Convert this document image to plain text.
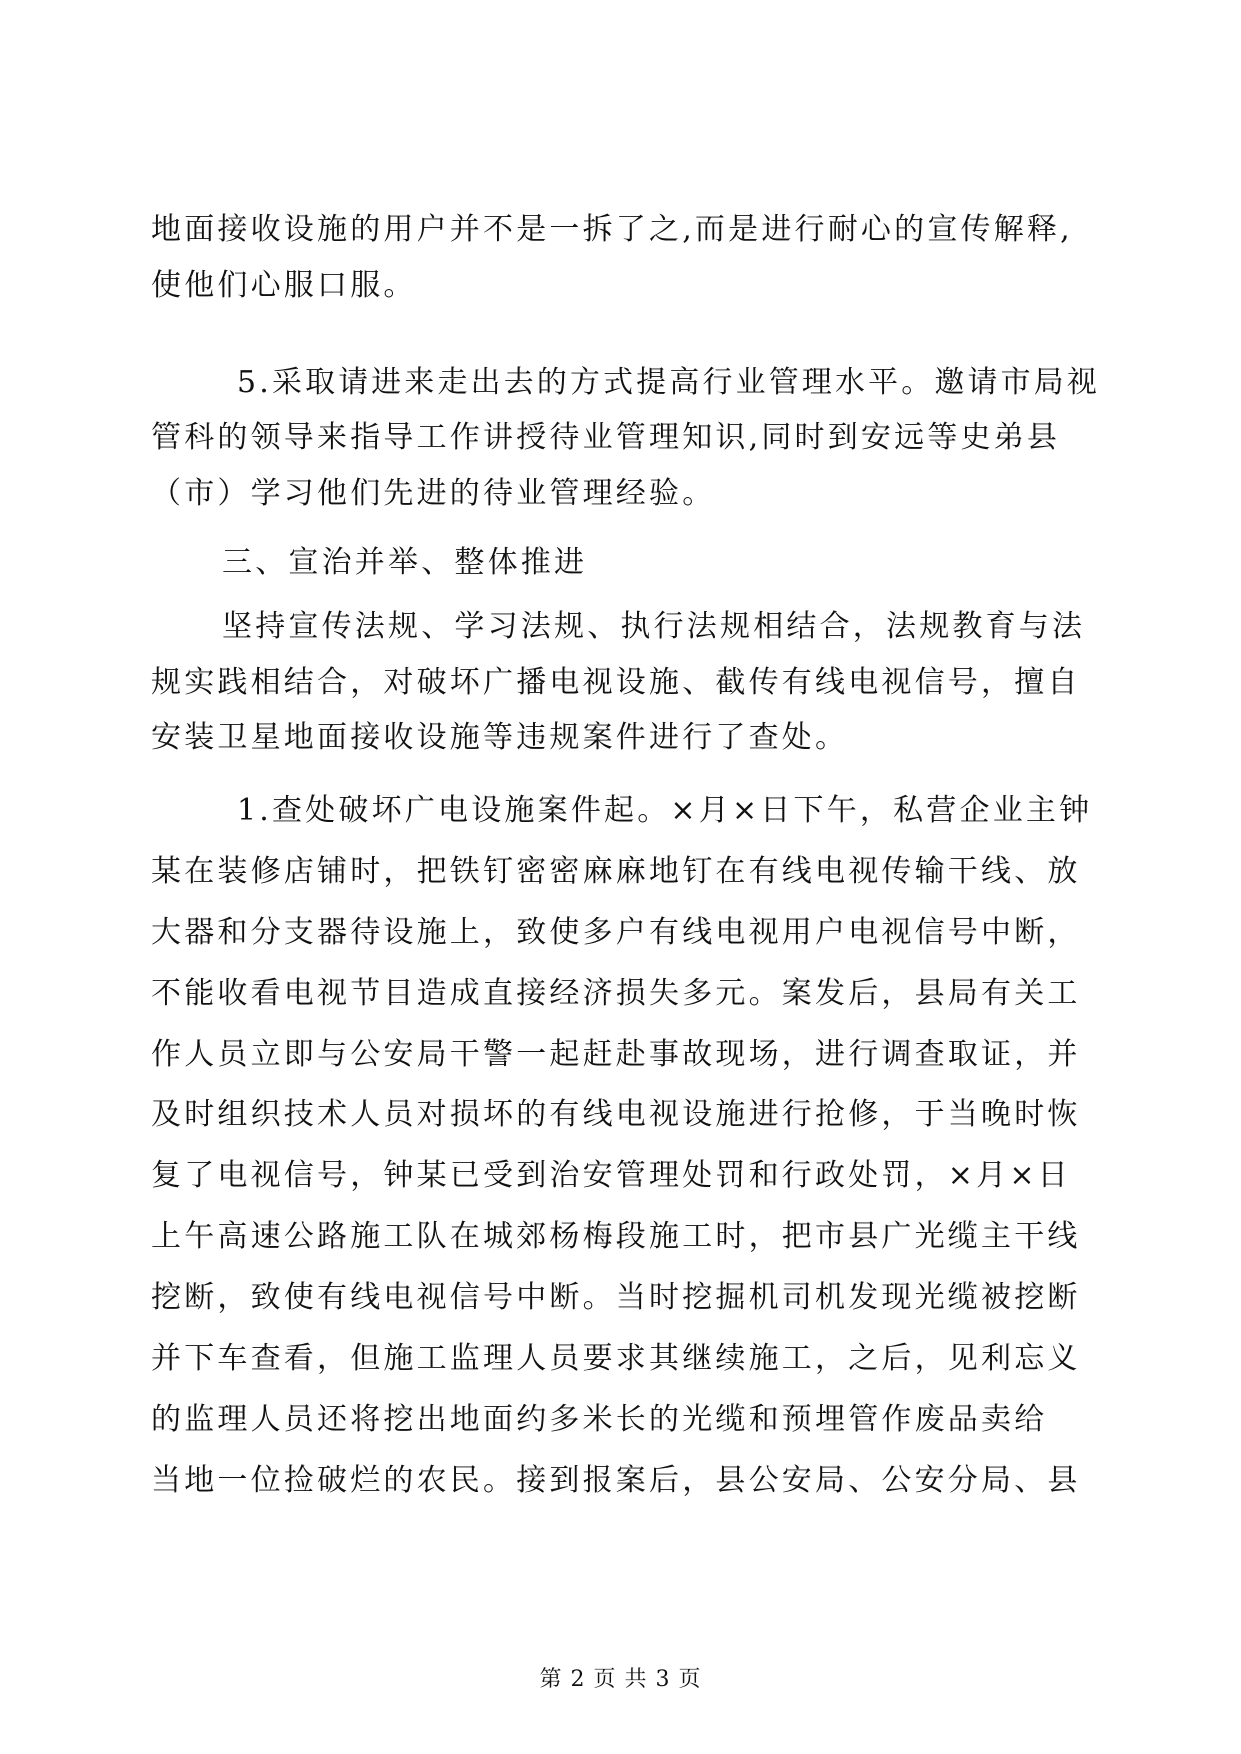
地面接收设施的用户并不是一拆了之,而是进行耐心的宣传解释,
使他们心服口服。
5.采取请进来走出去的方式提高行业管理水平。邀请市局视
管科的领导来指导工作讲授待业管理知识,同时到安远等史弟县
（市）学习他们先进的待业管理经验。
三、宣治并举、整体推进
坚持宣传法规、学习法规、执行法规相结合，法规教育与法
规实践相结合，对破坏广播电视设施、截传有线电视信号，擅自
安装卫星地面接收设施等违规案件进行了查处。
1.查处破坏广电设施案件起。×月×日下午，私营企业主钟
某在装修店铺时，把铁钉密密麻麻地钉在有线电视传输干线、放
大器和分支器待设施上，致使多户有线电视用户电视信号中断，
不能收看电视节目造成直接经济损失多元。案发后，县局有关工
作人员立即与公安局干警一起赶赴事故现场，进行调查取证，并
及时组织技术人员对损坏的有线电视设施进行抢修，于当晚时恢
复了电视信号，钟某已受到治安管理处罚和行政处罚，×月×日
上午高速公路施工队在城郊杨梅段施工时，把市县广光缆主干线
挖断，致使有线电视信号中断。当时挖掘机司机发现光缆被挖断
并下车查看，但施工监理人员要求其继续施工，之后，见利忘义
的监理人员还将挖出地面约多米长的光缆和预埋管作废品卖给
当地一位捡破烂的农民。接到报案后，县公安局、公安分局、县
第 2 页 共 3 页
